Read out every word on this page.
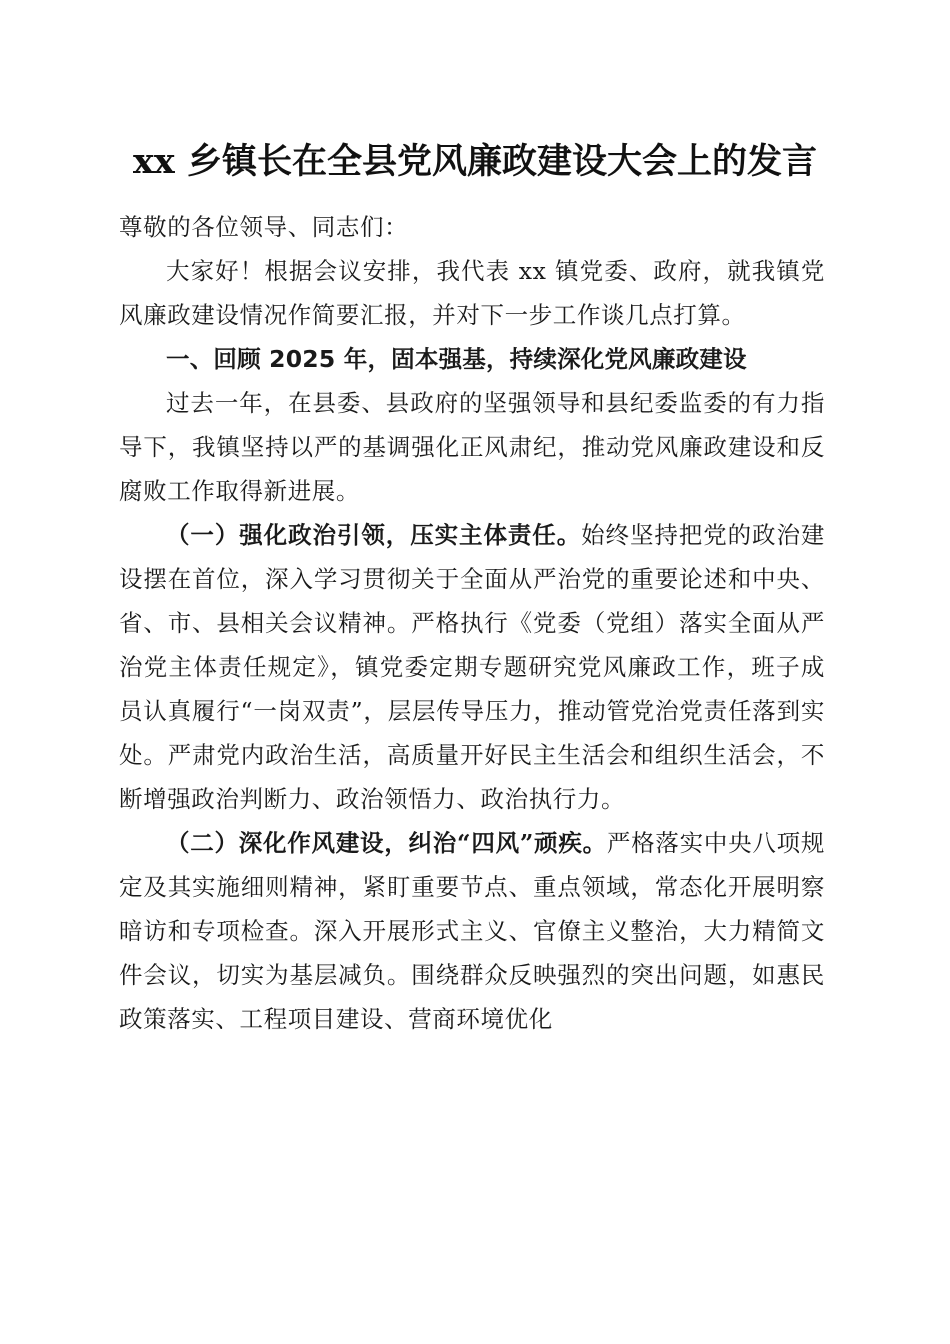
xx 乡镇长在全县党风廉政建设大会上的发言

尊敬的各位领导、同志们：

大家好！根据会议安排，我代表 xx 镇党委、政府，就我镇党风廉政建设情况作简要汇报，并对下一步工作谈几点打算。

一、回顾 2025 年，固本强基，持续深化党风廉政建设

过去一年，在县委、县政府的坚强领导和县纪委监委的有力指导下，我镇坚持以严的基调强化正风肃纪，推动党风廉政建设和反腐败工作取得新进展。

（一）强化政治引领，压实主体责任。始终坚持把党的政治建设摆在首位，深入学习贯彻关于全面从严治党的重要论述和中央、省、市、县相关会议精神。严格执行《党委（党组）落实全面从严治党主体责任规定》，镇党委定期专题研究党风廉政工作，班子成员认真履行“一岗双责”，层层传导压力，推动管党治党责任落到实处。严肃党内政治生活，高质量开好民主生活会和组织生活会，不断增强政治判断力、政治领悟力、政治执行力。

（二）深化作风建设，纠治“四风”顽疾。严格落实中央八项规定及其实施细则精神，紧盯重要节点、重点领域，常态化开展明察暗访和专项检查。深入开展形式主义、官僚主义整治，大力精简文件会议，切实为基层减负。围绕群众反映强烈的突出问题，如惠民政策落实、工程项目建设、营商环境优化
